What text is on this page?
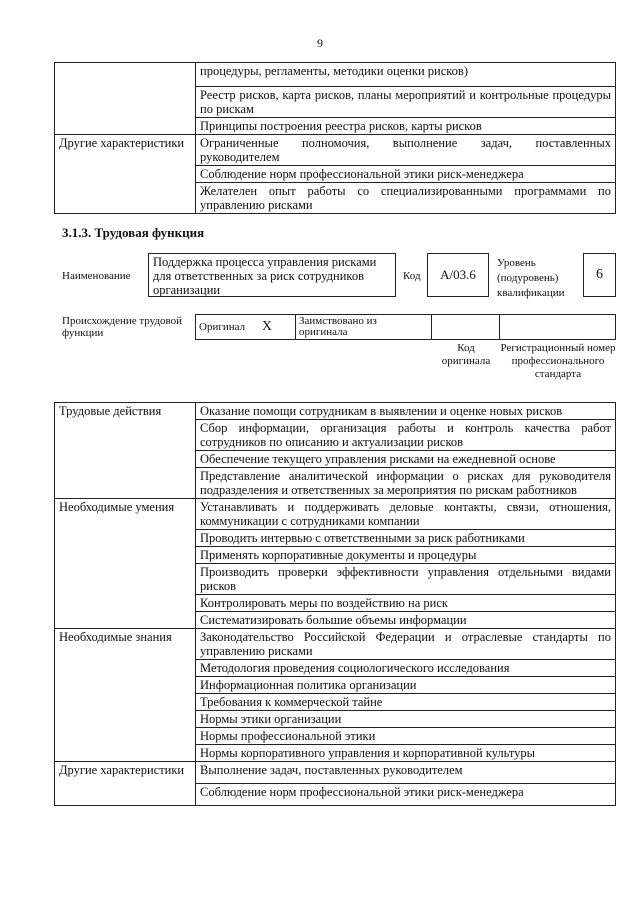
9
	процедуры, регламенты, методики оценки рисков)
	Реестр рисков, карта рисков, планы мероприятий и контрольные процедуры по рискам
	Принципы построения реестра рисков, карты рисков
Другие характеристики	Ограниченные полномочия, выполнение задач, поставленных руководителем
	Соблюдение норм профессиональной этики риск-менеджера
	Желателен опыт работы со специализированными программами по управлению рисками
3.1.3. Трудовая функция
Наименование
Поддержка процесса управления рисками для ответственных за риск сотрудников организации
Код А/03.6
Уровень (подуровень) квалификации
6
Происхождение трудовой функции	Оригинал X	Заимствовано из оригинала		
Код оригинала
Регистрационный номер профессионального стандарта
Трудовые действия	Оказание помощи сотрудникам в выявлении и оценке новых рисков
	Сбор информации, организация работы и контроль качества работ сотрудников по описанию и актуализации рисков
	Обеспечение текущего управления рисками на ежедневной основе
	Представление аналитической информации о рисках для руководителя подразделения и ответственных за мероприятия по рискам работников
Необходимые умения	Устанавливать и поддерживать деловые контакты, связи, отношения, коммуникации с сотрудниками компании
	Проводить интервью с ответственными за риск работниками
	Применять корпоративные документы и процедуры
	Производить проверки эффективности управления отдельными видами рисков
	Контролировать меры по воздействию на риск
	Систематизировать большие объемы информации
Необходимые знания	Законодательство Российской Федерации и отраслевые стандарты по управлению рисками
	Методология проведения социологического исследования
	Информационная политика организации
	Требования к коммерческой тайне
	Нормы этики организации
	Нормы профессиональной этики
	Нормы корпоративного управления и корпоративной культуры
Другие характеристики	Выполнение задач, поставленных руководителем
	Соблюдение норм профессиональной этики риск-менеджера
